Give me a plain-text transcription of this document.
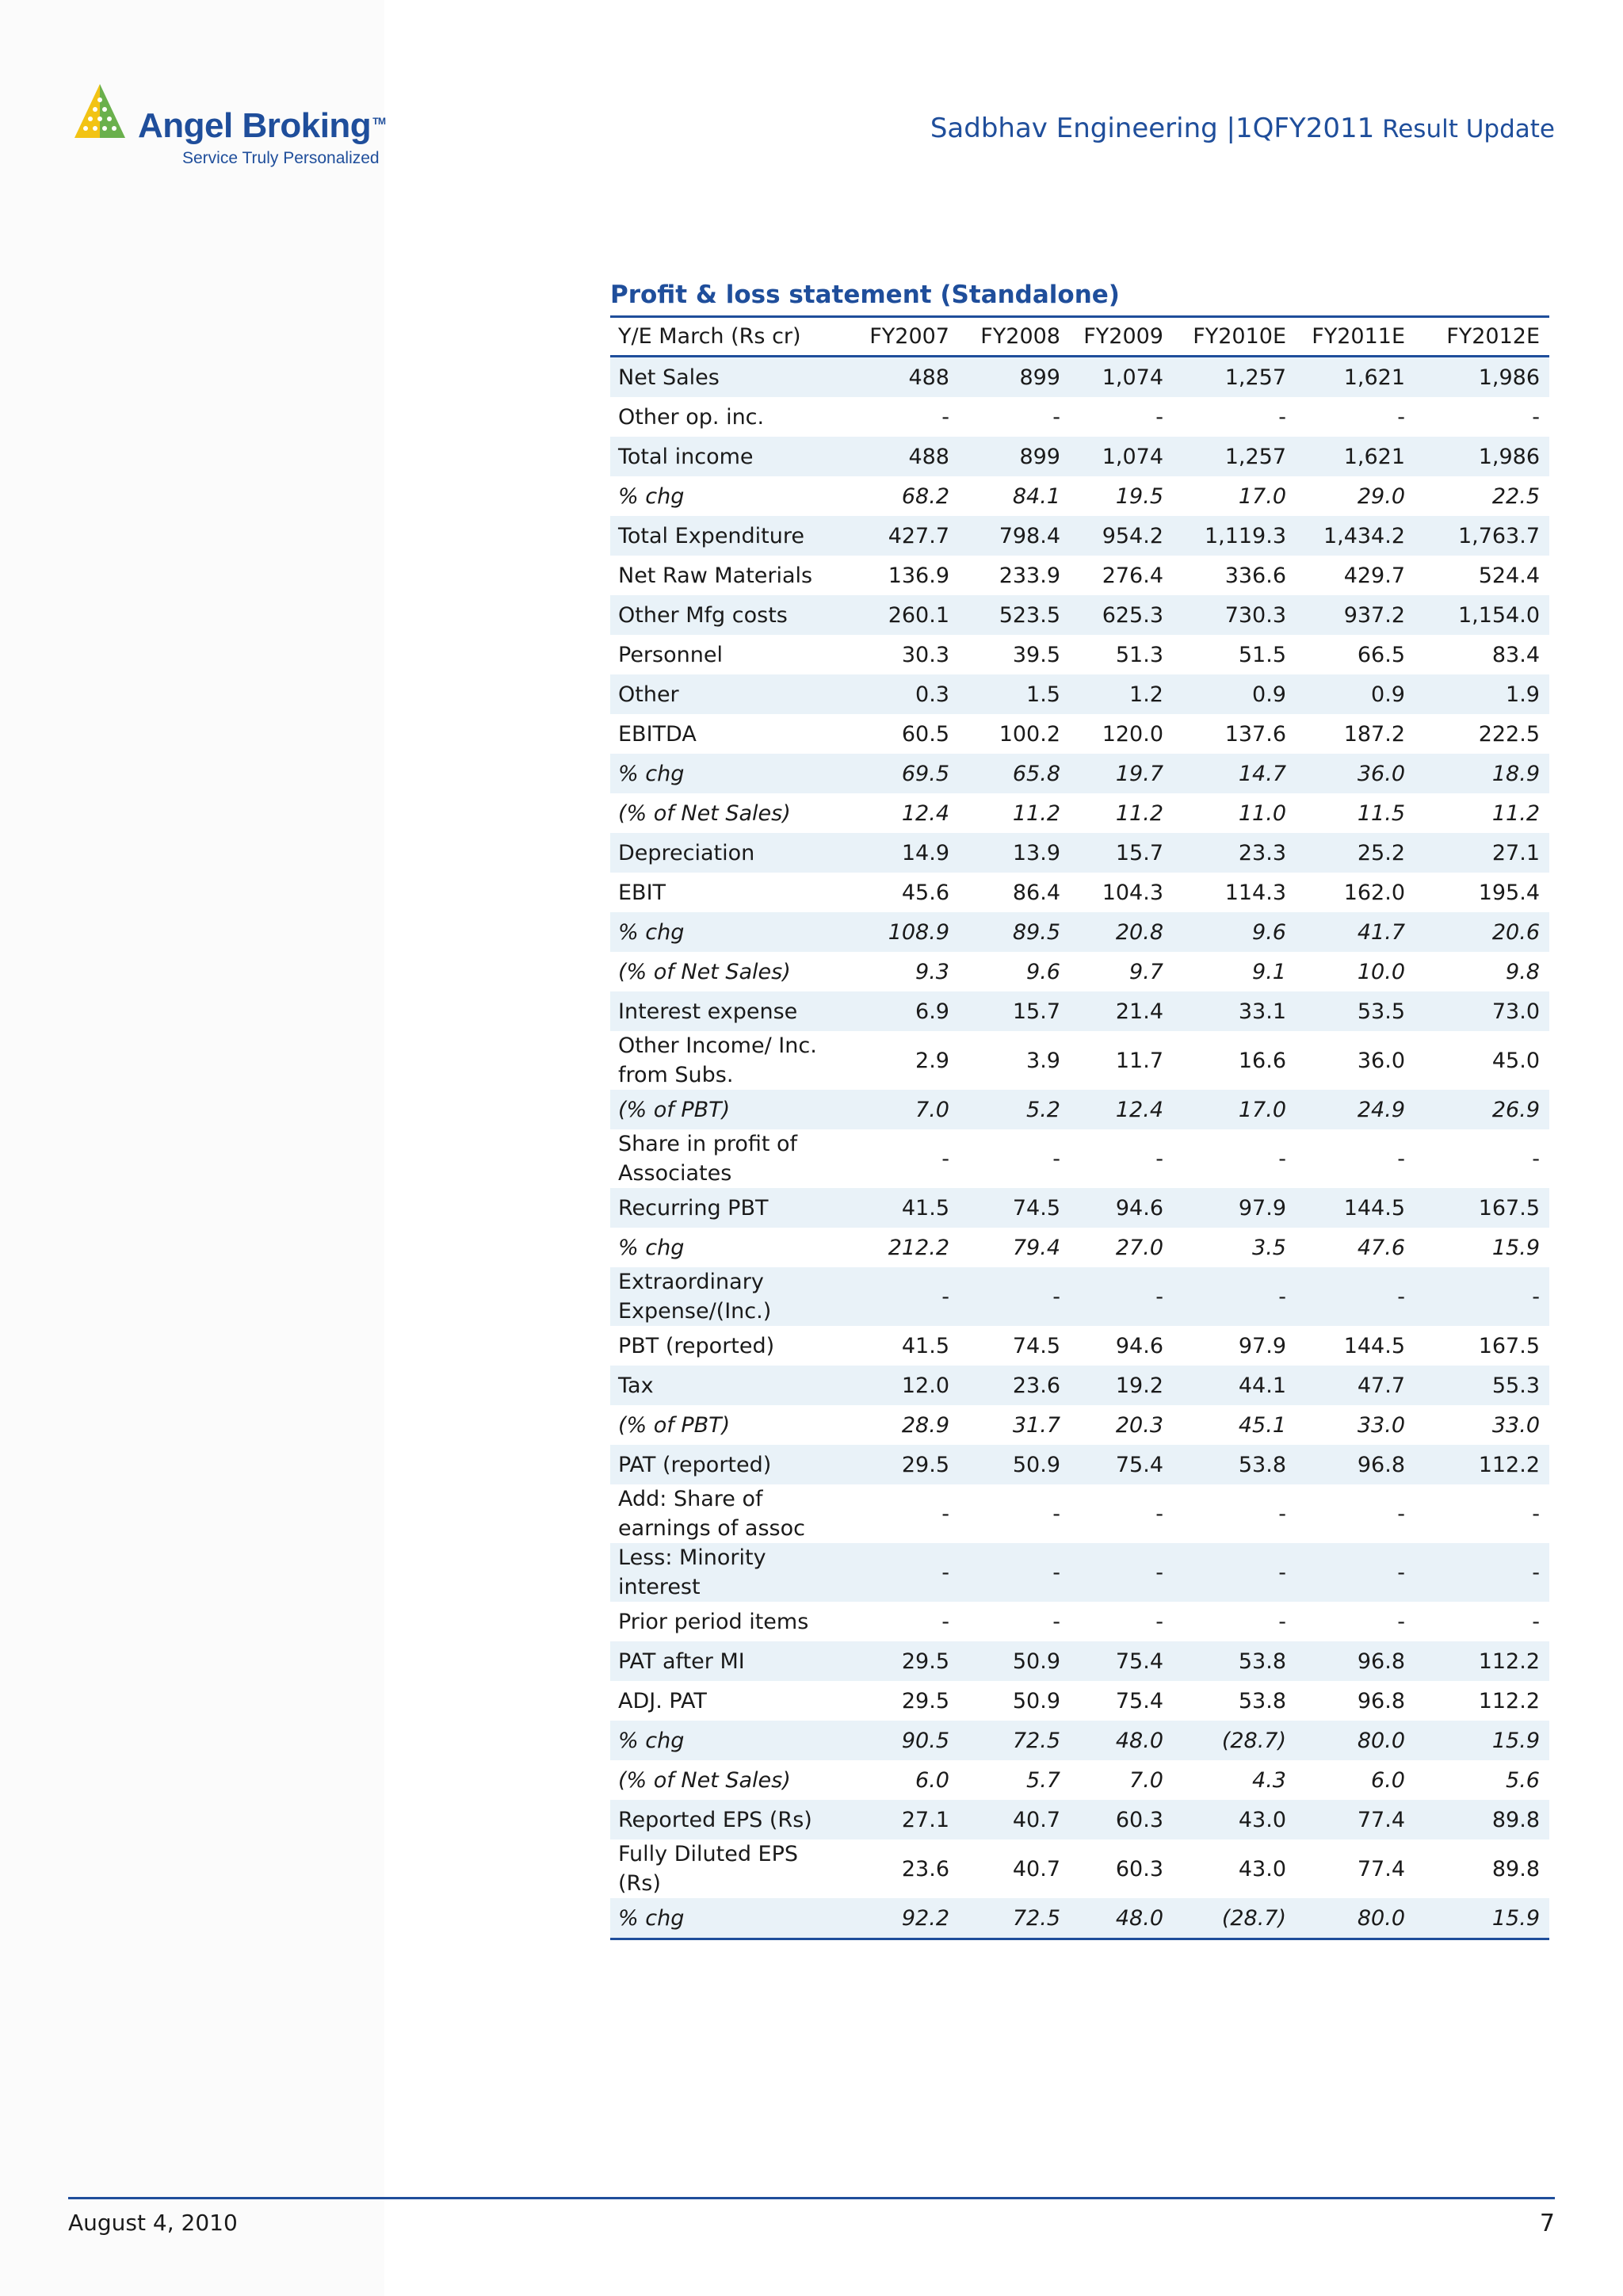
Angel Broking ™
Service Truly Personalized
Sadbhav Engineering |1QFY2011 Result Update
Profit & loss statement (Standalone)
Y/E March (Rs cr)	FY2007	FY2008	FY2009	FY2010E	FY2011E	FY2012E
Net Sales	488	899	1,074	1,257	1,621	1,986
Other op. inc.	-	-	-	-	-	-
Total income	488	899	1,074	1,257	1,621	1,986
% chg	68.2	84.1	19.5	17.0	29.0	22.5
Total Expenditure	427.7	798.4	954.2	1,119.3	1,434.2	1,763.7
Net Raw Materials	136.9	233.9	276.4	336.6	429.7	524.4
Other Mfg costs	260.1	523.5	625.3	730.3	937.2	1,154.0
Personnel	30.3	39.5	51.3	51.5	66.5	83.4
Other	0.3	1.5	1.2	0.9	0.9	1.9
EBITDA	60.5	100.2	120.0	137.6	187.2	222.5
% chg	69.5	65.8	19.7	14.7	36.0	18.9
(% of Net Sales)	12.4	11.2	11.2	11.0	11.5	11.2
Depreciation	14.9	13.9	15.7	23.3	25.2	27.1
EBIT	45.6	86.4	104.3	114.3	162.0	195.4
% chg	108.9	89.5	20.8	9.6	41.7	20.6
(% of Net Sales)	9.3	9.6	9.7	9.1	10.0	9.8
Interest expense	6.9	15.7	21.4	33.1	53.5	73.0
Other Income/ Inc. from Subs.	2.9	3.9	11.7	16.6	36.0	45.0
(% of PBT)	7.0	5.2	12.4	17.0	24.9	26.9
Share in profit of Associates	-	-	-	-	-	-
Recurring PBT	41.5	74.5	94.6	97.9	144.5	167.5
% chg	212.2	79.4	27.0	3.5	47.6	15.9
Extraordinary Expense/(Inc.)	-	-	-	-	-	-
PBT (reported)	41.5	74.5	94.6	97.9	144.5	167.5
Tax	12.0	23.6	19.2	44.1	47.7	55.3
(% of PBT)	28.9	31.7	20.3	45.1	33.0	33.0
PAT (reported)	29.5	50.9	75.4	53.8	96.8	112.2
Add: Share of earnings of assoc	-	-	-	-	-	-
Less: Minority interest	-	-	-	-	-	-
Prior period items	-	-	-	-	-	-
PAT after MI	29.5	50.9	75.4	53.8	96.8	112.2
ADJ. PAT	29.5	50.9	75.4	53.8	96.8	112.2
% chg	90.5	72.5	48.0	(28.7)	80.0	15.9
(% of Net Sales)	6.0	5.7	7.0	4.3	6.0	5.6
Reported EPS (Rs)	27.1	40.7	60.3	43.0	77.4	89.8
Fully Diluted EPS (Rs)	23.6	40.7	60.3	43.0	77.4	89.8
% chg	92.2	72.5	48.0	(28.7)	80.0	15.9
August 4, 2010	7
